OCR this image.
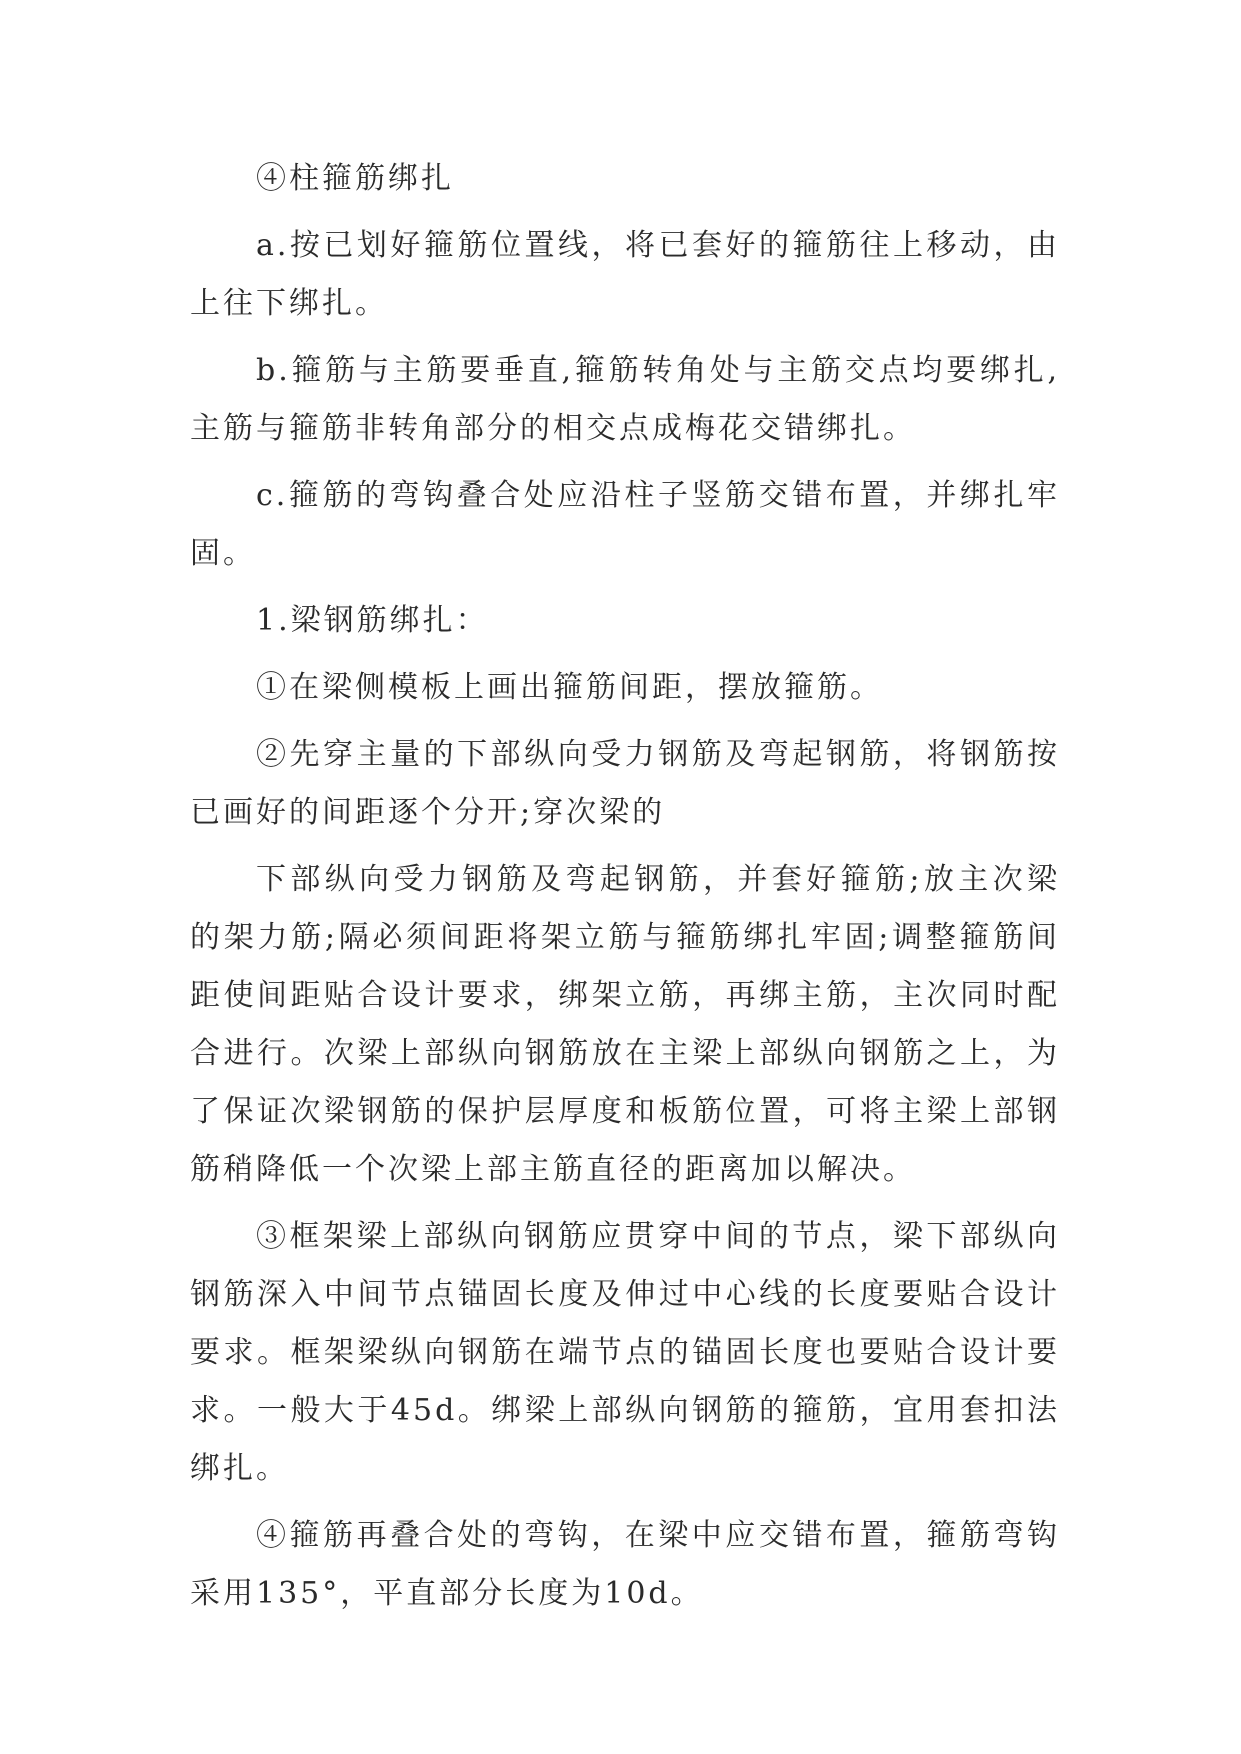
④柱箍筋绑扎

a.按已划好箍筋位置线，将已套好的箍筋往上移动，由上往下绑扎。

b.箍筋与主筋要垂直,箍筋转角处与主筋交点均要绑扎,主筋与箍筋非转角部分的相交点成梅花交错绑扎。

c.箍筋的弯钩叠合处应沿柱子竖筋交错布置，并绑扎牢固。

1.梁钢筋绑扎：

①在梁侧模板上画出箍筋间距，摆放箍筋。

②先穿主量的下部纵向受力钢筋及弯起钢筋，将钢筋按已画好的间距逐个分开;穿次梁的

下部纵向受力钢筋及弯起钢筋，并套好箍筋;放主次梁的架力筋;隔必须间距将架立筋与箍筋绑扎牢固;调整箍筋间距使间距贴合设计要求，绑架立筋，再绑主筋，主次同时配合进行。次梁上部纵向钢筋放在主梁上部纵向钢筋之上，为了保证次梁钢筋的保护层厚度和板筋位置，可将主梁上部钢筋稍降低一个次梁上部主筋直径的距离加以解决。

③框架梁上部纵向钢筋应贯穿中间的节点，梁下部纵向钢筋深入中间节点锚固长度及伸过中心线的长度要贴合设计要求。框架梁纵向钢筋在端节点的锚固长度也要贴合设计要求。一般大于45d。绑梁上部纵向钢筋的箍筋，宜用套扣法绑扎。

④箍筋再叠合处的弯钩，在梁中应交错布置，箍筋弯钩采用135°，平直部分长度为10d。
